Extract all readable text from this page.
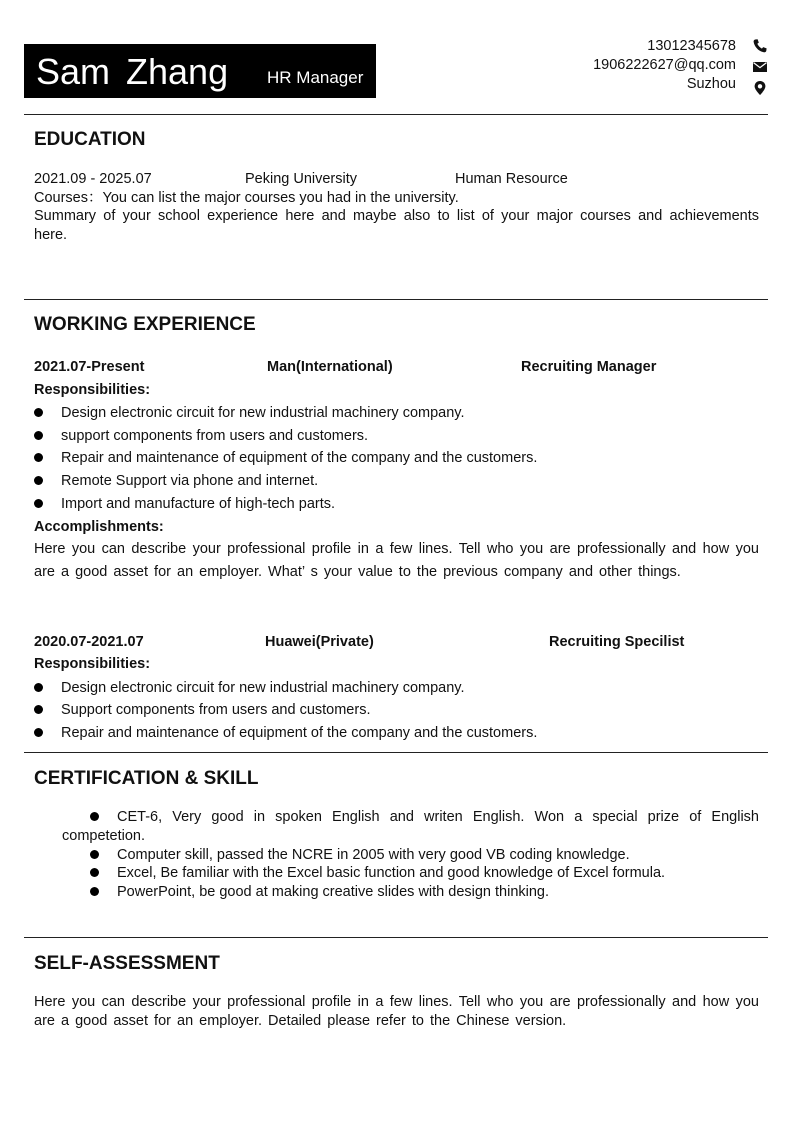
Sam Zhang HR Manager
13012345678
1906222627@qq.com
Suzhou
EDUCATION
2021.09 - 2025.07	Peking University	Human Resource
Courses：You can list the major courses you had in the university.
Summary of your school experience here and maybe also to list of your major courses and achievements here.
WORKING EXPERIENCE
2021.07-Present	Man(International)	Recruiting Manager
Responsibilities:
Design electronic circuit for new industrial machinery company.
support components from users and customers.
Repair and maintenance of equipment of the company and the customers.
Remote Support via phone and internet.
Import and manufacture of high-tech parts.
Accomplishments:
Here you can describe your professional profile in a few lines. Tell who you are professionally and how you are a good asset for an employer. What’ s your value to the previous company and other things.
2020.07-2021.07	Huawei(Private)	Recruiting Specilist
Responsibilities:
Design electronic circuit for new industrial machinery company.
Support components from users and customers.
Repair and maintenance of equipment of the company and the customers.
CERTIFICATION & SKILL
CET-6, Very good in spoken English and writen English. Won a special prize of English competetion.
Computer skill, passed the NCRE in 2005 with very good VB coding knowledge.
Excel, Be familiar with the Excel basic function and good knowledge of Excel formula.
PowerPoint, be good at making creative slides with design thinking.
SELF-ASSESSMENT
Here you can describe your professional profile in a few lines. Tell who you are professionally and how you are a good asset for an employer. Detailed please refer to the Chinese version.
